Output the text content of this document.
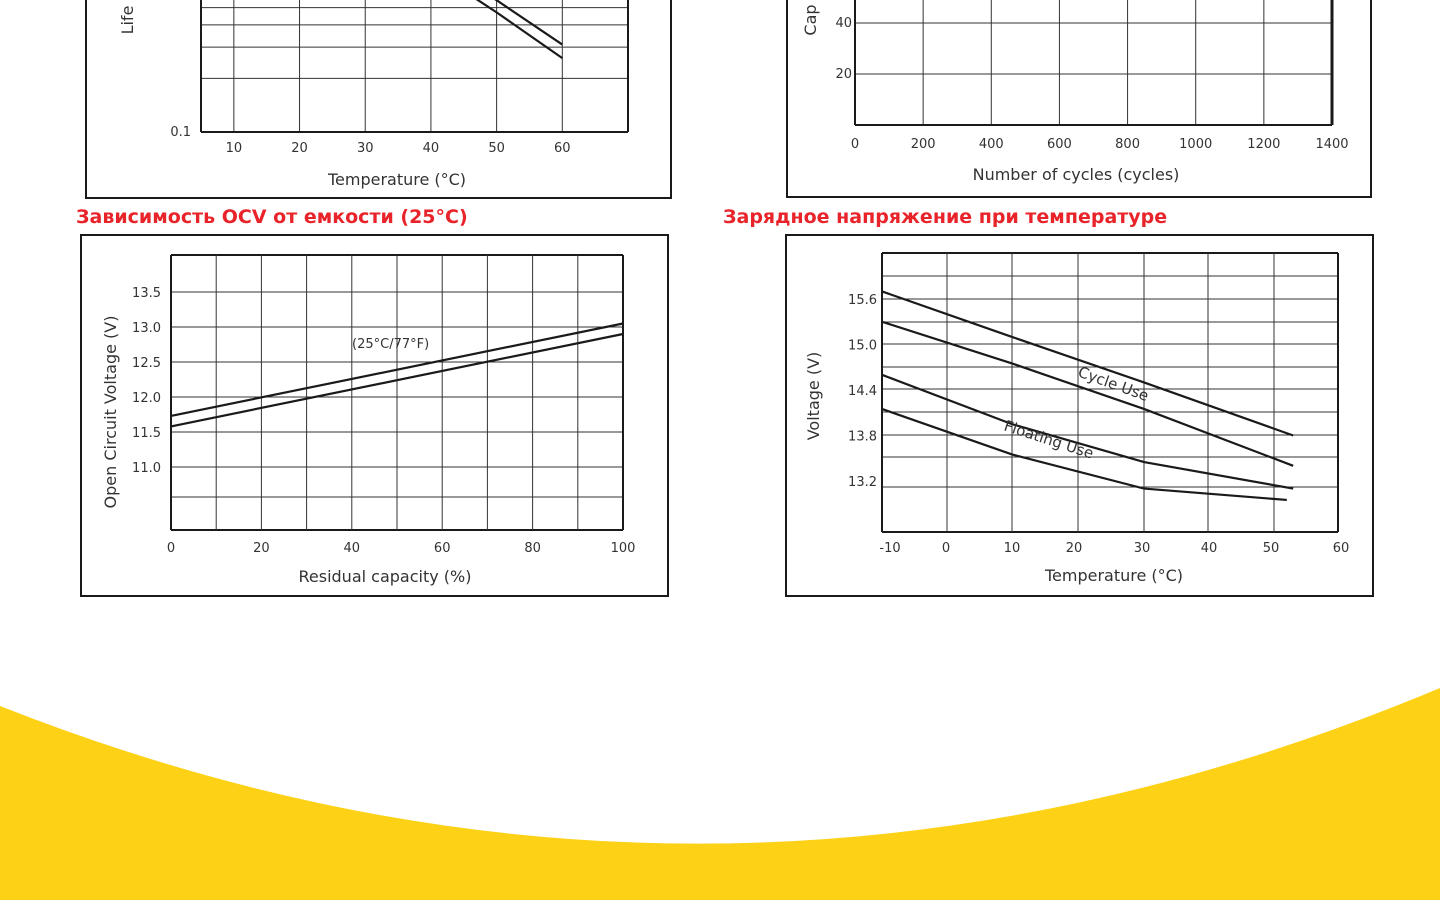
10	20	30	40	50	60
0.1
Life
Temperature (°C)
0	200	400	600	800	1000	1200	1400
20
40
Cap
Number of cycles (cycles)
Зависимость OCV от емкости (25°C)	Зарядное напряжение при температуре
0	20	40	60	80	100
11.0
11.5
12.0
12.5
13.0
13.5
(25°C/77°F)
Open Circuit Voltage (V)
Residual capacity (%)
-10	0	10	20	30	40	50	60
13.2
13.8
14.4
15.0
15.6
Cycle Use
Floating Use
Voltage (V)
Temperature (°C)
